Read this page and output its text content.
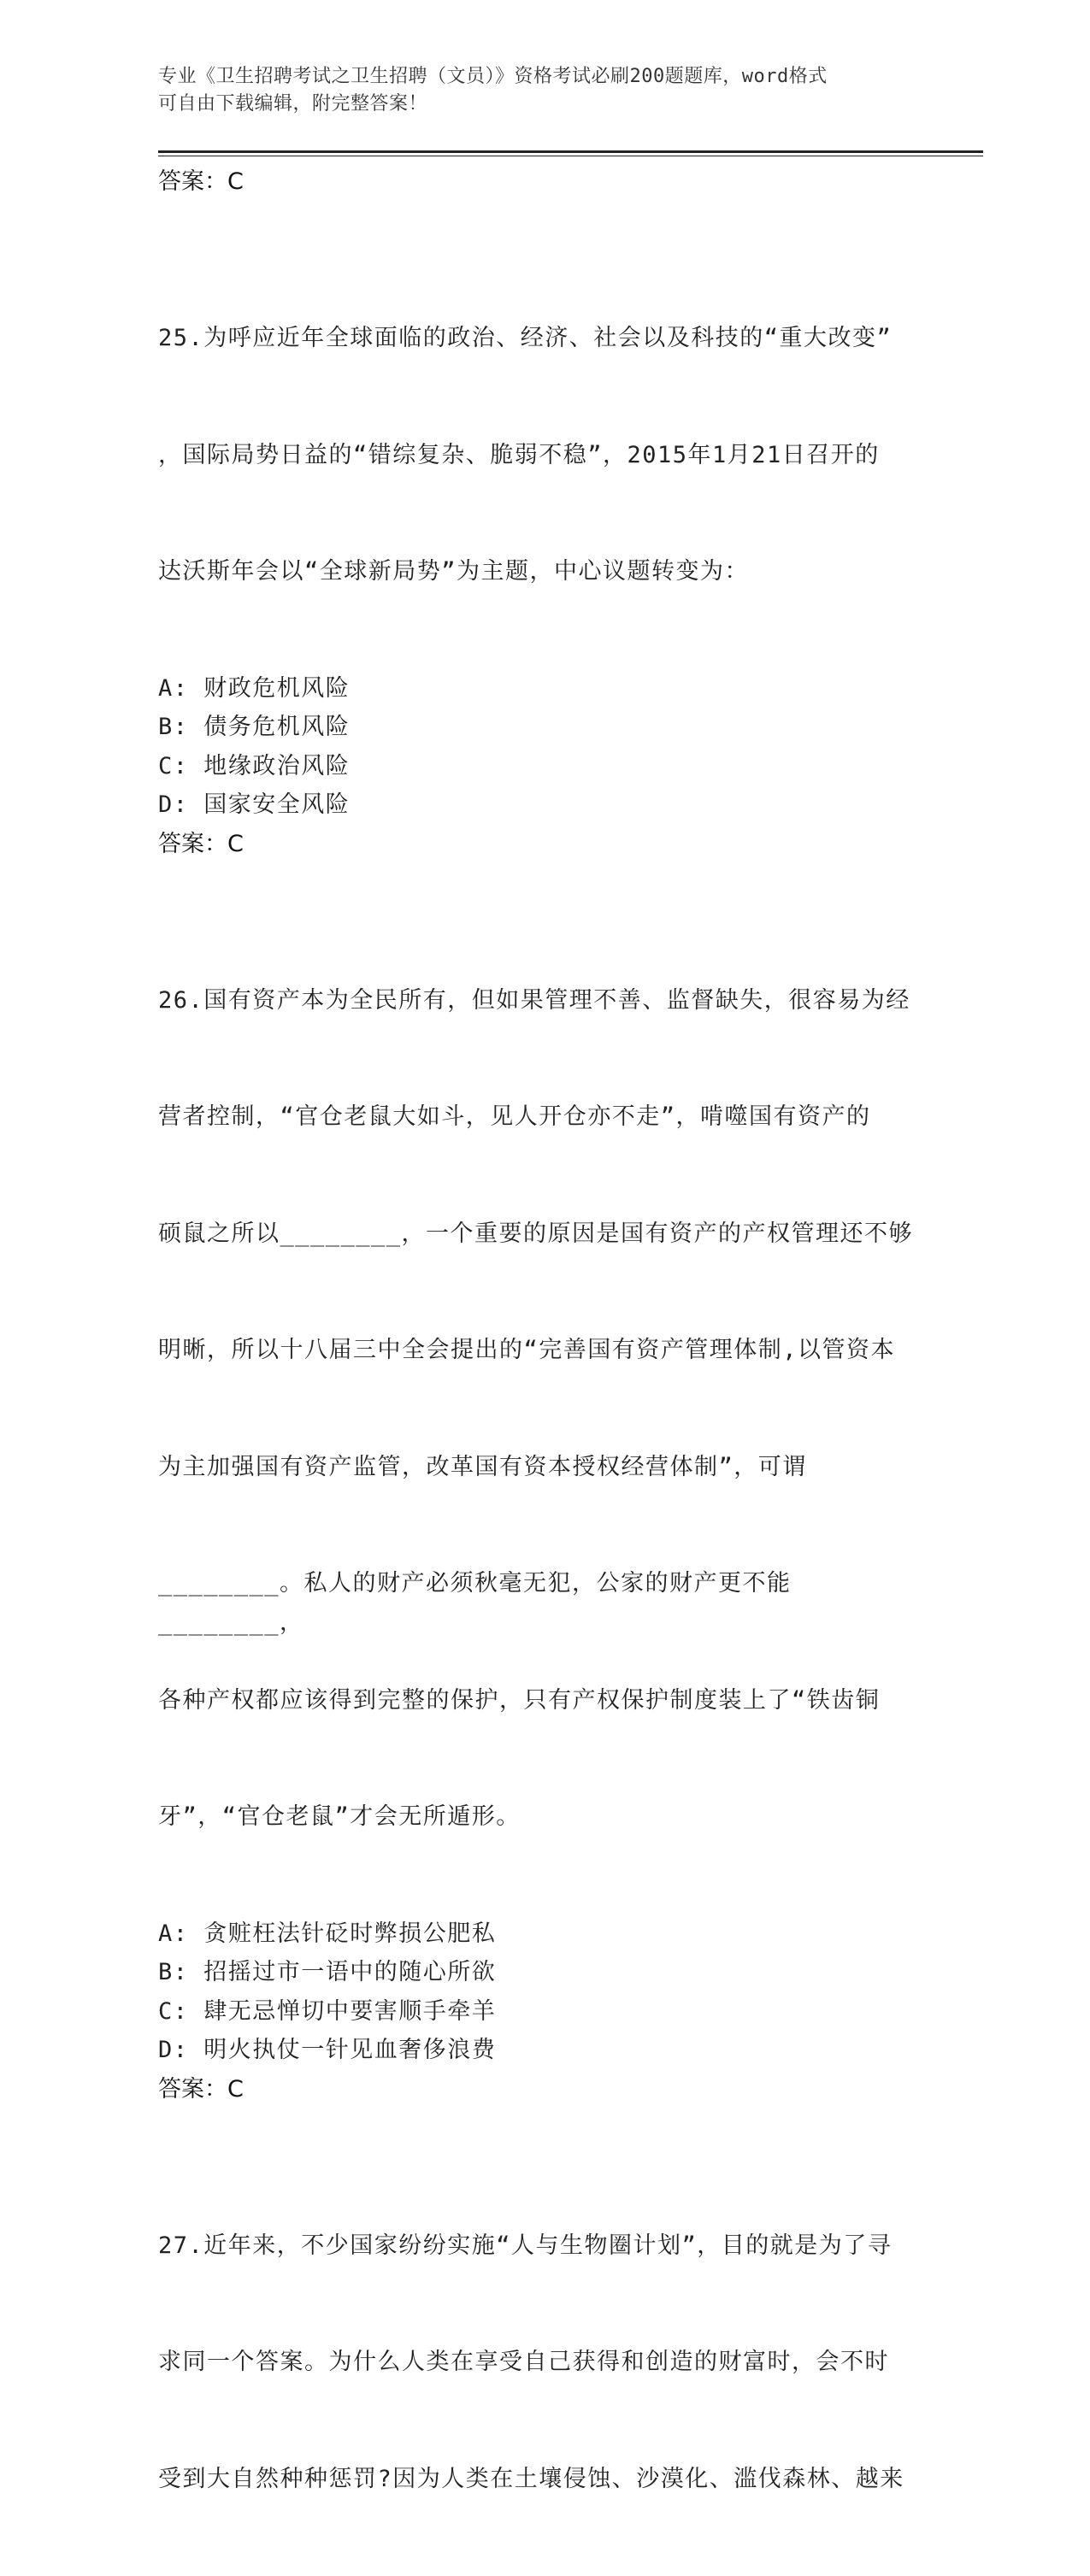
专业《卫生招聘考试之卫生招聘（文员）》资格考试必刷200题题库，word格式
可自由下载编辑，附完整答案！
答案：C

25.为呼应近年全球面临的政治、经济、社会以及科技的“重大改变”

，国际局势日益的“错综复杂、脆弱不稳”，2015年1月21日召开的

达沃斯年会以“全球新局势”为主题，中心议题转变为：

A: 财政危机风险
B: 债务危机风险
C: 地缘政治风险
D: 国家安全风险
答案：C

26.国有资产本为全民所有，但如果管理不善、监督缺失，很容易为经

营者控制，“官仓老鼠大如斗，见人开仓亦不走”，啃噬国有资产的

硕鼠之所以________，一个重要的原因是国有资产的产权管理还不够

明晰，所以十八届三中全会提出的“完善国有资产管理体制,以管资本

为主加强国有资产监管，改革国有资本授权经营体制”，可谓

________。私人的财产必须秋毫无犯，公家的财产更不能________，

各种产权都应该得到完整的保护，只有产权保护制度装上了“铁齿铜

牙”，“官仓老鼠”才会无所遁形。

A: 贪赃枉法针砭时弊损公肥私
B: 招摇过市一语中的随心所欲
C: 肆无忌惮切中要害顺手牵羊
D: 明火执仗一针见血奢侈浪费
答案：C

27.近年来，不少国家纷纷实施“人与生物圈计划”，目的就是为了寻

求同一个答案。为什么人类在享受自己获得和创造的财富时，会不时

受到大自然种种惩罚?因为人类在土壤侵蚀、沙漠化、滥伐森林、越来
